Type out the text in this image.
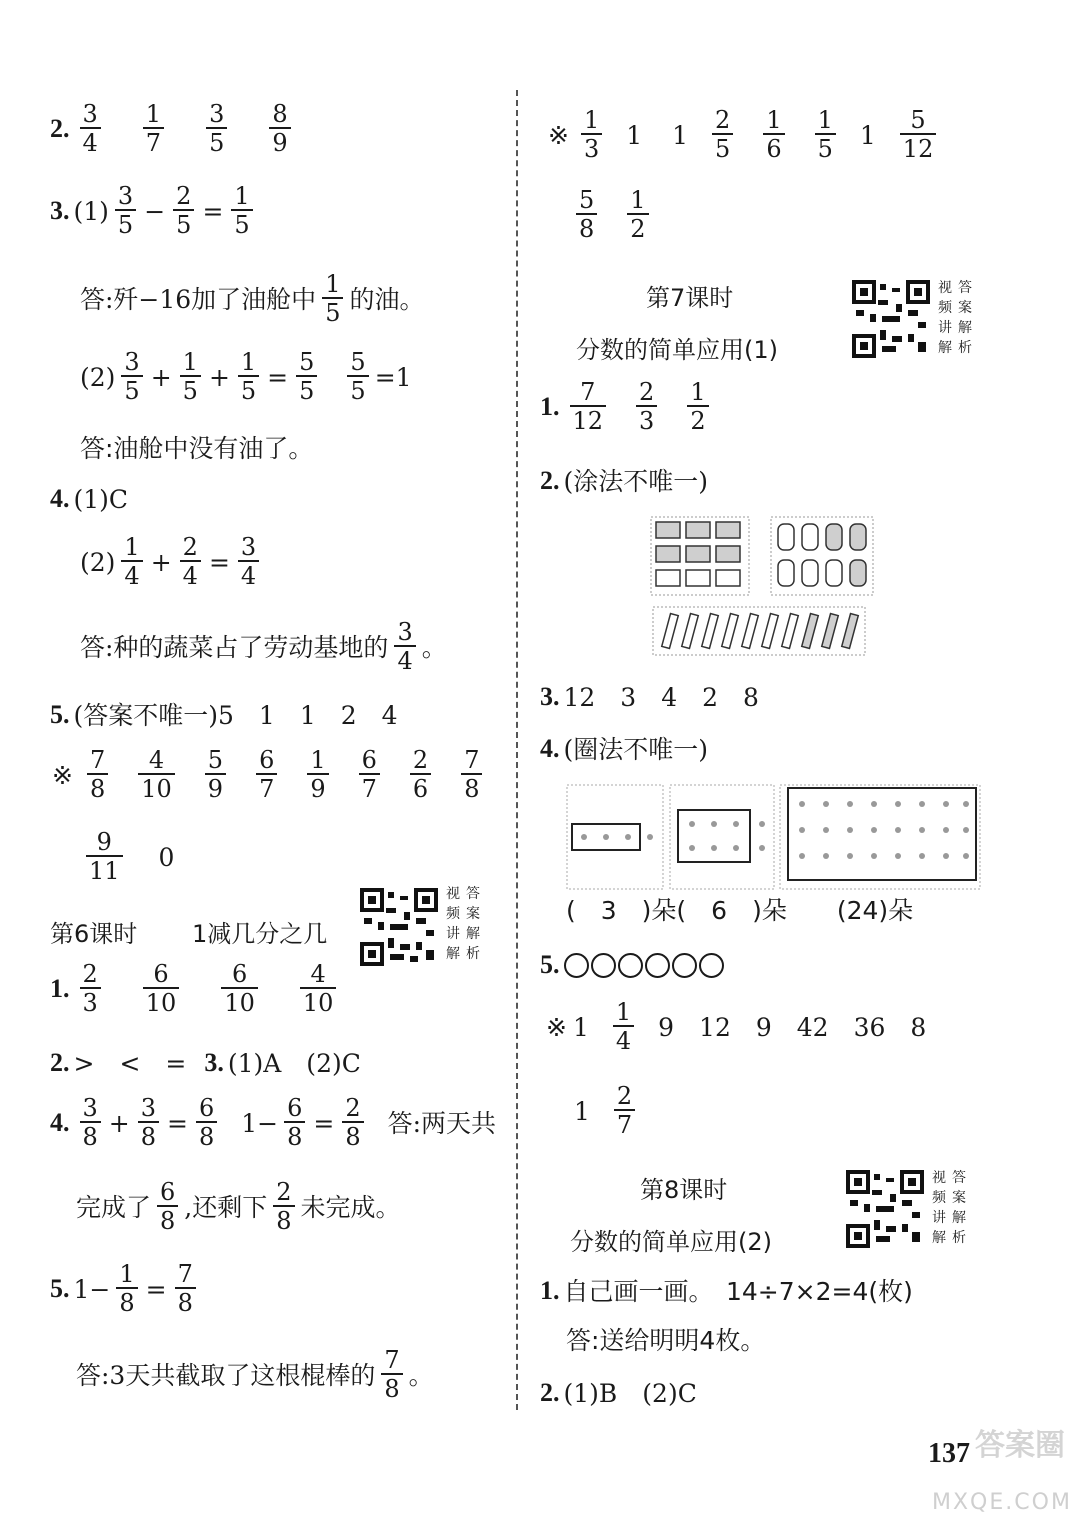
2.
3
4
1
7
3
5
8
9
3. (1)
3
$5 - \frac{2}{5} = \frac{1}{5}$
答:歼−16加了油舱中
1
5 的油。
(2)
3
$5 + \frac{1}{5} + \frac{1}{5} = \frac{5}{5} \frac{5}{5} =1$
答:油舱中没有油了。
4. (1)C
(2)
1
$4 + \frac{2}{4} = \frac{3}{4}$
答:种的蔬菜占了劳动基地的
3
4 。
5. (答案不唯一)5　1　1　2　4
※
7
8
4
10
5
9
6
7
1
9
6
7
2
6
7
8
9
11 0
第6课时 1减几分之几
视 答
频 案
讲 解
解 析
1.
2
3
6
10
6
10
4
10
2. >　<　= 3. (1)A　(2)C
4.
3
$8 + \frac{3}{8} = \frac{6}{8} 1- \frac{6}{8} = \frac{2}{8}$ 答:两天共
完成了
6
8 ,还剩下
2
8 未完成。
5. $1- \frac{1}{8} = \frac{7}{8}$
答:3天共截取了这根棍棒的
7
8 。
※
1
3 1 1
2
5
1
6
1
5 1
5
12
5
8
1
2
第7课时
分数的简单应用(1)
视 答
频 案
讲 解
解 析
1.
7
12
2
3
1
2
2. (涂法不唯一)
3. 12　3　4　2　8
4. (圈法不唯一)
(　3　)朵(　6　)朵　　(24)朵
5.
※ 1
1
4 9　12　9　42　36　8
1
2
7
第8课时
分数的简单应用(2)
视 答
频 案
讲 解
解 析
1. 自己画一画。　14÷7×2=4(枚)
答:送给明明4枚。
2. (1)B　(2)C
137 答案圈
MXQE.COM
